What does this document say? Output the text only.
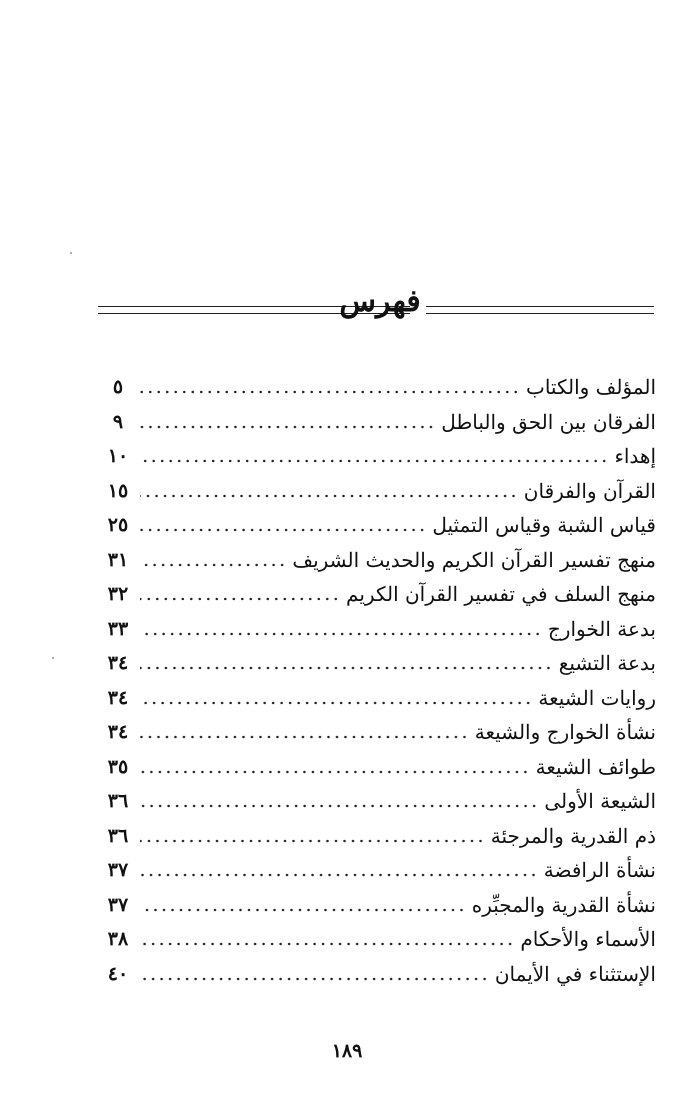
فهرس
٥	المؤلف والكتاب
٩	الفرقان بين الحق والباطل
١٠	إهداء
١٥	القرآن والفرقان
٢٥	قياس الشبة وقياس التمثيل
٣١	منهج تفسير القرآن الكريم والحديث الشريف
٣٢	منهج السلف في تفسير القرآن الكريم
٣٣	بدعة الخوارج
٣٤	بدعة التشيع
٣٤	روايات الشيعة
٣٤	نشأة الخوارج والشيعة
٣٥	طوائف الشيعة
٣٦	الشيعة الأولى
٣٦	ذم القدرية والمرجئة
٣٧	نشأة الرافضة
٣٧	نشأة القدرية والمجبِّره
٣٨	الأسماء والأحكام
٤٠	الإستثناء في الأيمان
١٨٩
